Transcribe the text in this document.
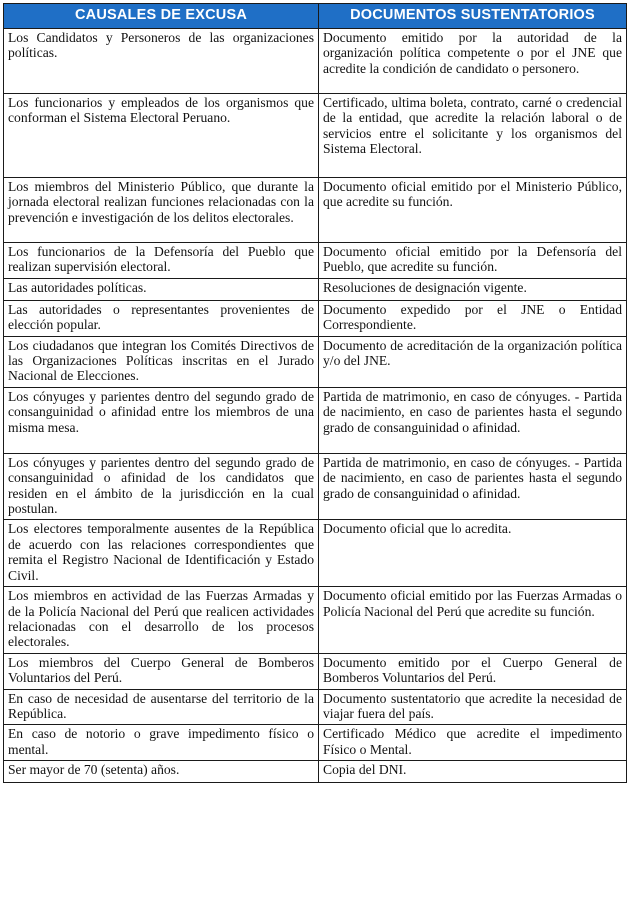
CAUSALES DE EXCUSA	DOCUMENTOS SUSTENTATORIOS
Los Candidatos y Personeros de las organizaciones políticas.	Documento emitido por la autoridad de la organización política competente o por el JNE que acredite la condición de candidato o personero.
Los funcionarios y empleados de los organismos que conforman el Sistema Electoral Peruano.	Certificado, ultima boleta, contrato, carné o credencial de la entidad, que acredite la relación laboral o de servicios entre el solicitante y los organismos del Sistema Electoral.
Los miembros del Ministerio Público, que durante la jornada electoral realizan funciones relacionadas con la prevención e investigación de los delitos electorales.	Documento oficial emitido por el Ministerio Público, que acredite su función.
Los funcionarios de la Defensoría del Pueblo que realizan supervisión electoral.	Documento oficial emitido por la Defensoría del Pueblo, que acredite su función.
Las autoridades políticas.	Resoluciones de designación vigente.
Las autoridades o representantes provenientes de elección popular.	Documento expedido por el JNE o Entidad Correspondiente.
Los ciudadanos que integran los Comités Directivos de las Organizaciones Políticas inscritas en el Jurado Nacional de Elecciones.	Documento de acreditación de la organización política y/o del JNE.
Los cónyuges y parientes dentro del segundo grado de consanguinidad o afinidad entre los miembros de una misma mesa.	Partida de matrimonio, en caso de cónyuges. - Partida de nacimiento, en caso de parientes hasta el segundo grado de consanguinidad o afinidad.
Los cónyuges y parientes dentro del segundo grado de consanguinidad o afinidad de los candidatos que residen en el ámbito de la jurisdicción en la cual postulan.	Partida de matrimonio, en caso de cónyuges. - Partida de nacimiento, en caso de parientes hasta el segundo grado de consanguinidad o afinidad.
Los electores temporalmente ausentes de la República de acuerdo con las relaciones correspondientes que remita el Registro Nacional de Identificación y Estado Civil.	Documento oficial que lo acredita.
Los miembros en actividad de las Fuerzas Armadas y de la Policía Nacional del Perú que realicen actividades relacionadas con el desarrollo de los procesos electorales.	Documento oficial emitido por las Fuerzas Armadas o Policía Nacional del Perú que acredite su función.
Los miembros del Cuerpo General de Bomberos Voluntarios del Perú.	Documento emitido por el Cuerpo General de Bomberos Voluntarios del Perú.
En caso de necesidad de ausentarse del territorio de la República.	Documento sustentatorio que acredite la necesidad de viajar fuera del país.
En caso de notorio o grave impedimento físico o mental.	Certificado Médico que acredite el impedimento Físico o Mental.
Ser mayor de 70 (setenta) años.	Copia del DNI.
